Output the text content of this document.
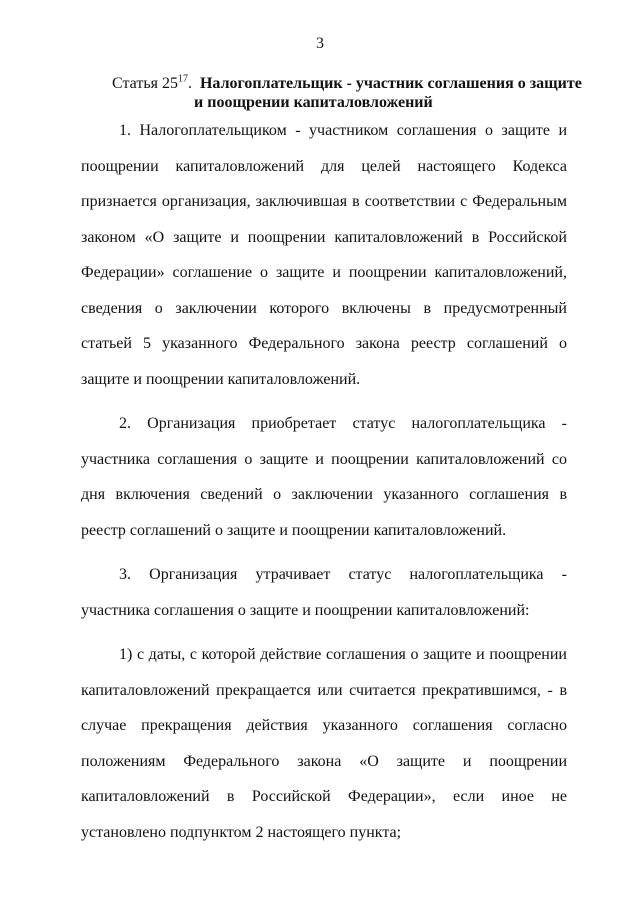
3
Статья $25^{17}$. Налогоплательщик - участник соглашения о защите
и поощрении капиталовложений

1. Налогоплательщиком - участником соглашения о защите и поощрении капиталовложений для целей настоящего Кодекса признается организация, заключившая в соответствии с Федеральным законом «О защите и поощрении капиталовложений в Российской Федерации» соглашение о защите и поощрении капиталовложений, сведения о заключении которого включены в предусмотренный статьей 5 указанного Федерального закона реестр соглашений о защите и поощрении капиталовложений.

2. Организация приобретает статус налогоплательщика - участника соглашения о защите и поощрении капиталовложений со дня включения сведений о заключении указанного соглашения в реестр соглашений о защите и поощрении капиталовложений.

3. Организация утрачивает статус налогоплательщика - участника соглашения о защите и поощрении капиталовложений:

1) с даты, с которой действие соглашения о защите и поощрении капиталовложений прекращается или считается прекратившимся, - в случае прекращения действия указанного соглашения согласно положениям Федерального закона «О защите и поощрении капиталовложений в Российской Федерации», если иное не установлено подпунктом 2 настоящего пункта;
